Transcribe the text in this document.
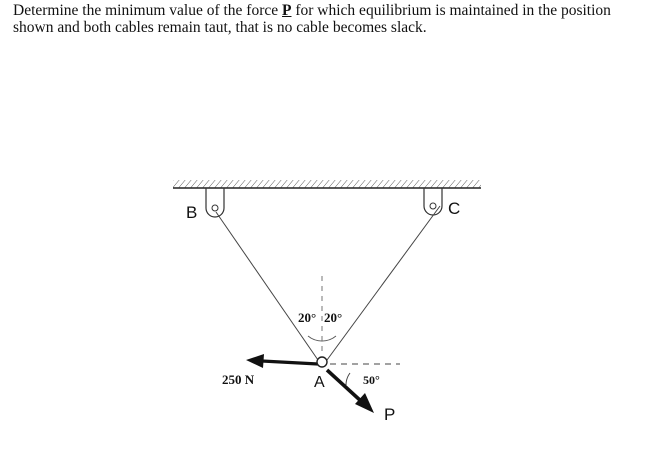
Determine the minimum value of the force P for which equilibrium is maintained in the position shown and both cables remain taut, that is no cable becomes slack.

B	C
A
250 N
20° 20°
50°
P
